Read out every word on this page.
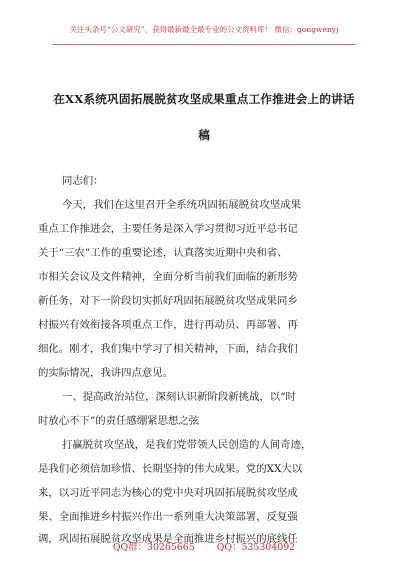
关注头条号“公文研究”，获得最新最全最专业的公文资料库！ 微信：gongwenyj
在XX系统巩固拓展脱贫攻坚成果重点工作推进会上的讲话
稿
同志们：
今天，我们在这里召开全系统巩固拓展脱贫攻坚成果
重点工作推进会，主要任务是深入学习贯彻习近平总书记
关于“三农”工作的重要论述，认真落实近期中央和省、
市相关会议及文件精神，全面分析当前我们面临的新形势
新任务，对下一阶段切实抓好巩固拓展脱贫攻坚成果同乡
村振兴有效衔接各项重点工作，进行再动员、再部署、再
细化。刚才，我们集中学习了相关精神，下面，结合我们
的实际情况，我讲四点意见。
一、提高政治站位，深刻认识新阶段新挑战，以“时
时放心不下”的责任感绷紧思想之弦
打赢脱贫攻坚战，是我们党带领人民创造的人间奇迹，
是我们必须倍加珍惜、长期坚持的伟大成果。党的XX大以
来，以习近平同志为核心的党中央对巩固拓展脱贫攻坚成
果、全面推进乡村振兴作出一系列重大决策部署，反复强
调，巩固拓展脱贫攻坚成果是全面推进乡村振兴的底线任
QQ群：30265665 QQ：535304092
